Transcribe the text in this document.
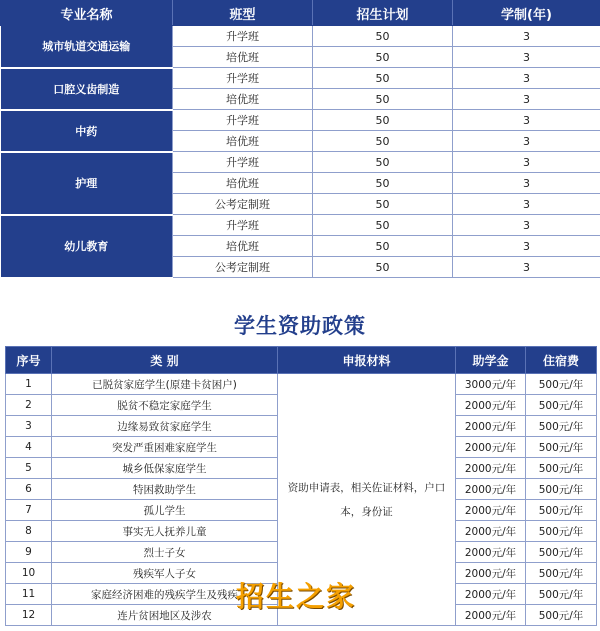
专业名称	班型	招生计划	学制(年)
城市轨道交通运输	升学班	50	3
	培优班	50	3
口腔义齿制造	升学班	50	3
	培优班	50	3
中药	升学班	50	3
	培优班	50	3
护理	升学班	50	3
	培优班	50	3
	公考定制班	50	3
幼儿教育	升学班	50	3
	培优班	50	3
	公考定制班	50	3
学生资助政策
序号	类 别	申报材料	助学金	住宿费
1	已脱贫家庭学生(原建卡贫困户)	资助申请表，相关佐证材料，户口本，身份证	3000元/年	500元/年
2	脱贫不稳定家庭学生		2000元/年	500元/年
3	边缘易致贫家庭学生		2000元/年	500元/年
4	突发严重困难家庭学生		2000元/年	500元/年
5	城乡低保家庭学生		2000元/年	500元/年
6	特困救助学生		2000元/年	500元/年
7	孤儿学生		2000元/年	500元/年
8	事实无人抚养儿童		2000元/年	500元/年
9	烈士子女		2000元/年	500元/年
10	残疾军人子女		2000元/年	500元/年
11	家庭经济困难的残疾学生及残疾		2000元/年	500元/年
12	连片贫困地区及涉农		2000元/年	500元/年
招生之家
